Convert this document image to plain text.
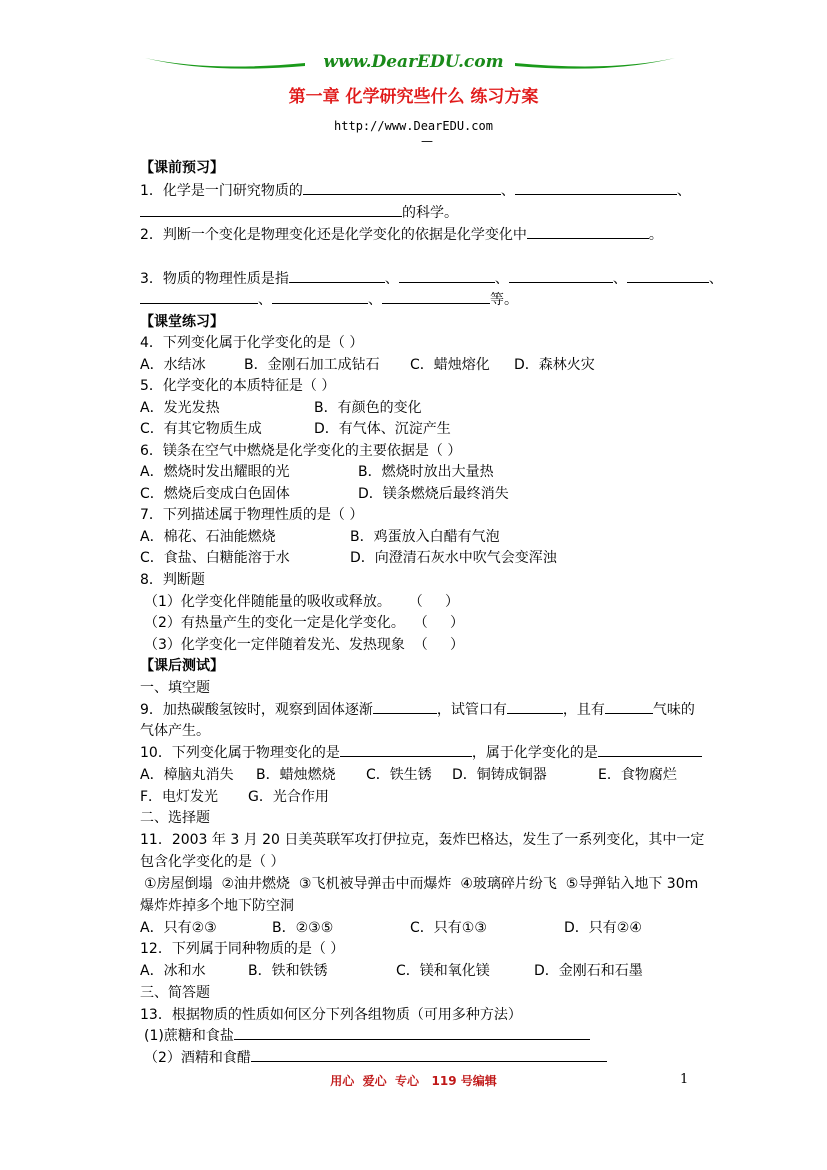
www.DearEDU.com
第一章 化学研究些什么 练习方案
http://www.DearEDU.com
—
【课前预习】
1．化学是一门研究物质的	、	、
的科学。
2．判断一个变化是物理变化还是化学变化的依据是化学变化中	。
3．物质的物理性质是指	、	、	、	、
、	、	等。
【课堂练习】
4．下列变化属于化学变化的是（ ）
A．水结冰	B．金刚石加工成钻石 C．蜡烛熔化 D．森林火灾
5．化学变化的本质特征是（ ）
A．发光发热	B．有颜色的变化
C．有其它物质生成	D．有气体、沉淀产生
6．镁条在空气中燃烧是化学变化的主要依据是（ ）
A．燃烧时发出耀眼的光	B．燃烧时放出大量热
C．燃烧后变成白色固体	D．镁条燃烧后最终消失
7．下列描述属于物理性质的是（ ）
A．棉花、石油能燃烧	B．鸡蛋放入白醋有气泡
C．食盐、白糖能溶于水	D．向澄清石灰水中吹气会变浑浊
8．判断题
（1）化学变化伴随能量的吸收或释放。    （     ）
（2）有热量产生的变化一定是化学变化。  （     ）
（3）化学变化一定伴随着发光、发热现象  （     ）
【课后测试】
一、填空题
9．加热碳酸氢铵时，观察到固体逐渐	，试管口有	，且有	气味的
气体产生。
10．下列变化属于物理变化的是	，属于化学变化的是
A．樟脑丸消失 B．蜡烛燃烧 C．铁生锈 D．铜铸成铜器	E．食物腐烂
F．电灯发光 G．光合作用
二、选择题
11．2003 年 3 月 20 日美英联军攻打伊拉克，轰炸巴格达，发生了一系列变化，其中一定
包含化学变化的是（ ）
①房屋倒塌  ②油井燃烧  ③飞机被导弹击中而爆炸  ④玻璃碎片纷飞  ⑤导弹钻入地下 30m
爆炸炸掉多个地下防空洞
A．只有②③	B．②③⑤	C．只有①③	D．只有②④
12．下列属于同种物质的是（ ）
A．冰和水	B．铁和铁锈	C．镁和氧化镁	D．金刚石和石墨
三、简答题
13．根据物质的性质如何区分下列各组物质（可用多种方法）
(1)蔗糖和食盐
（2）酒精和食醋
用心  爱心  专心   119 号编辑	1
